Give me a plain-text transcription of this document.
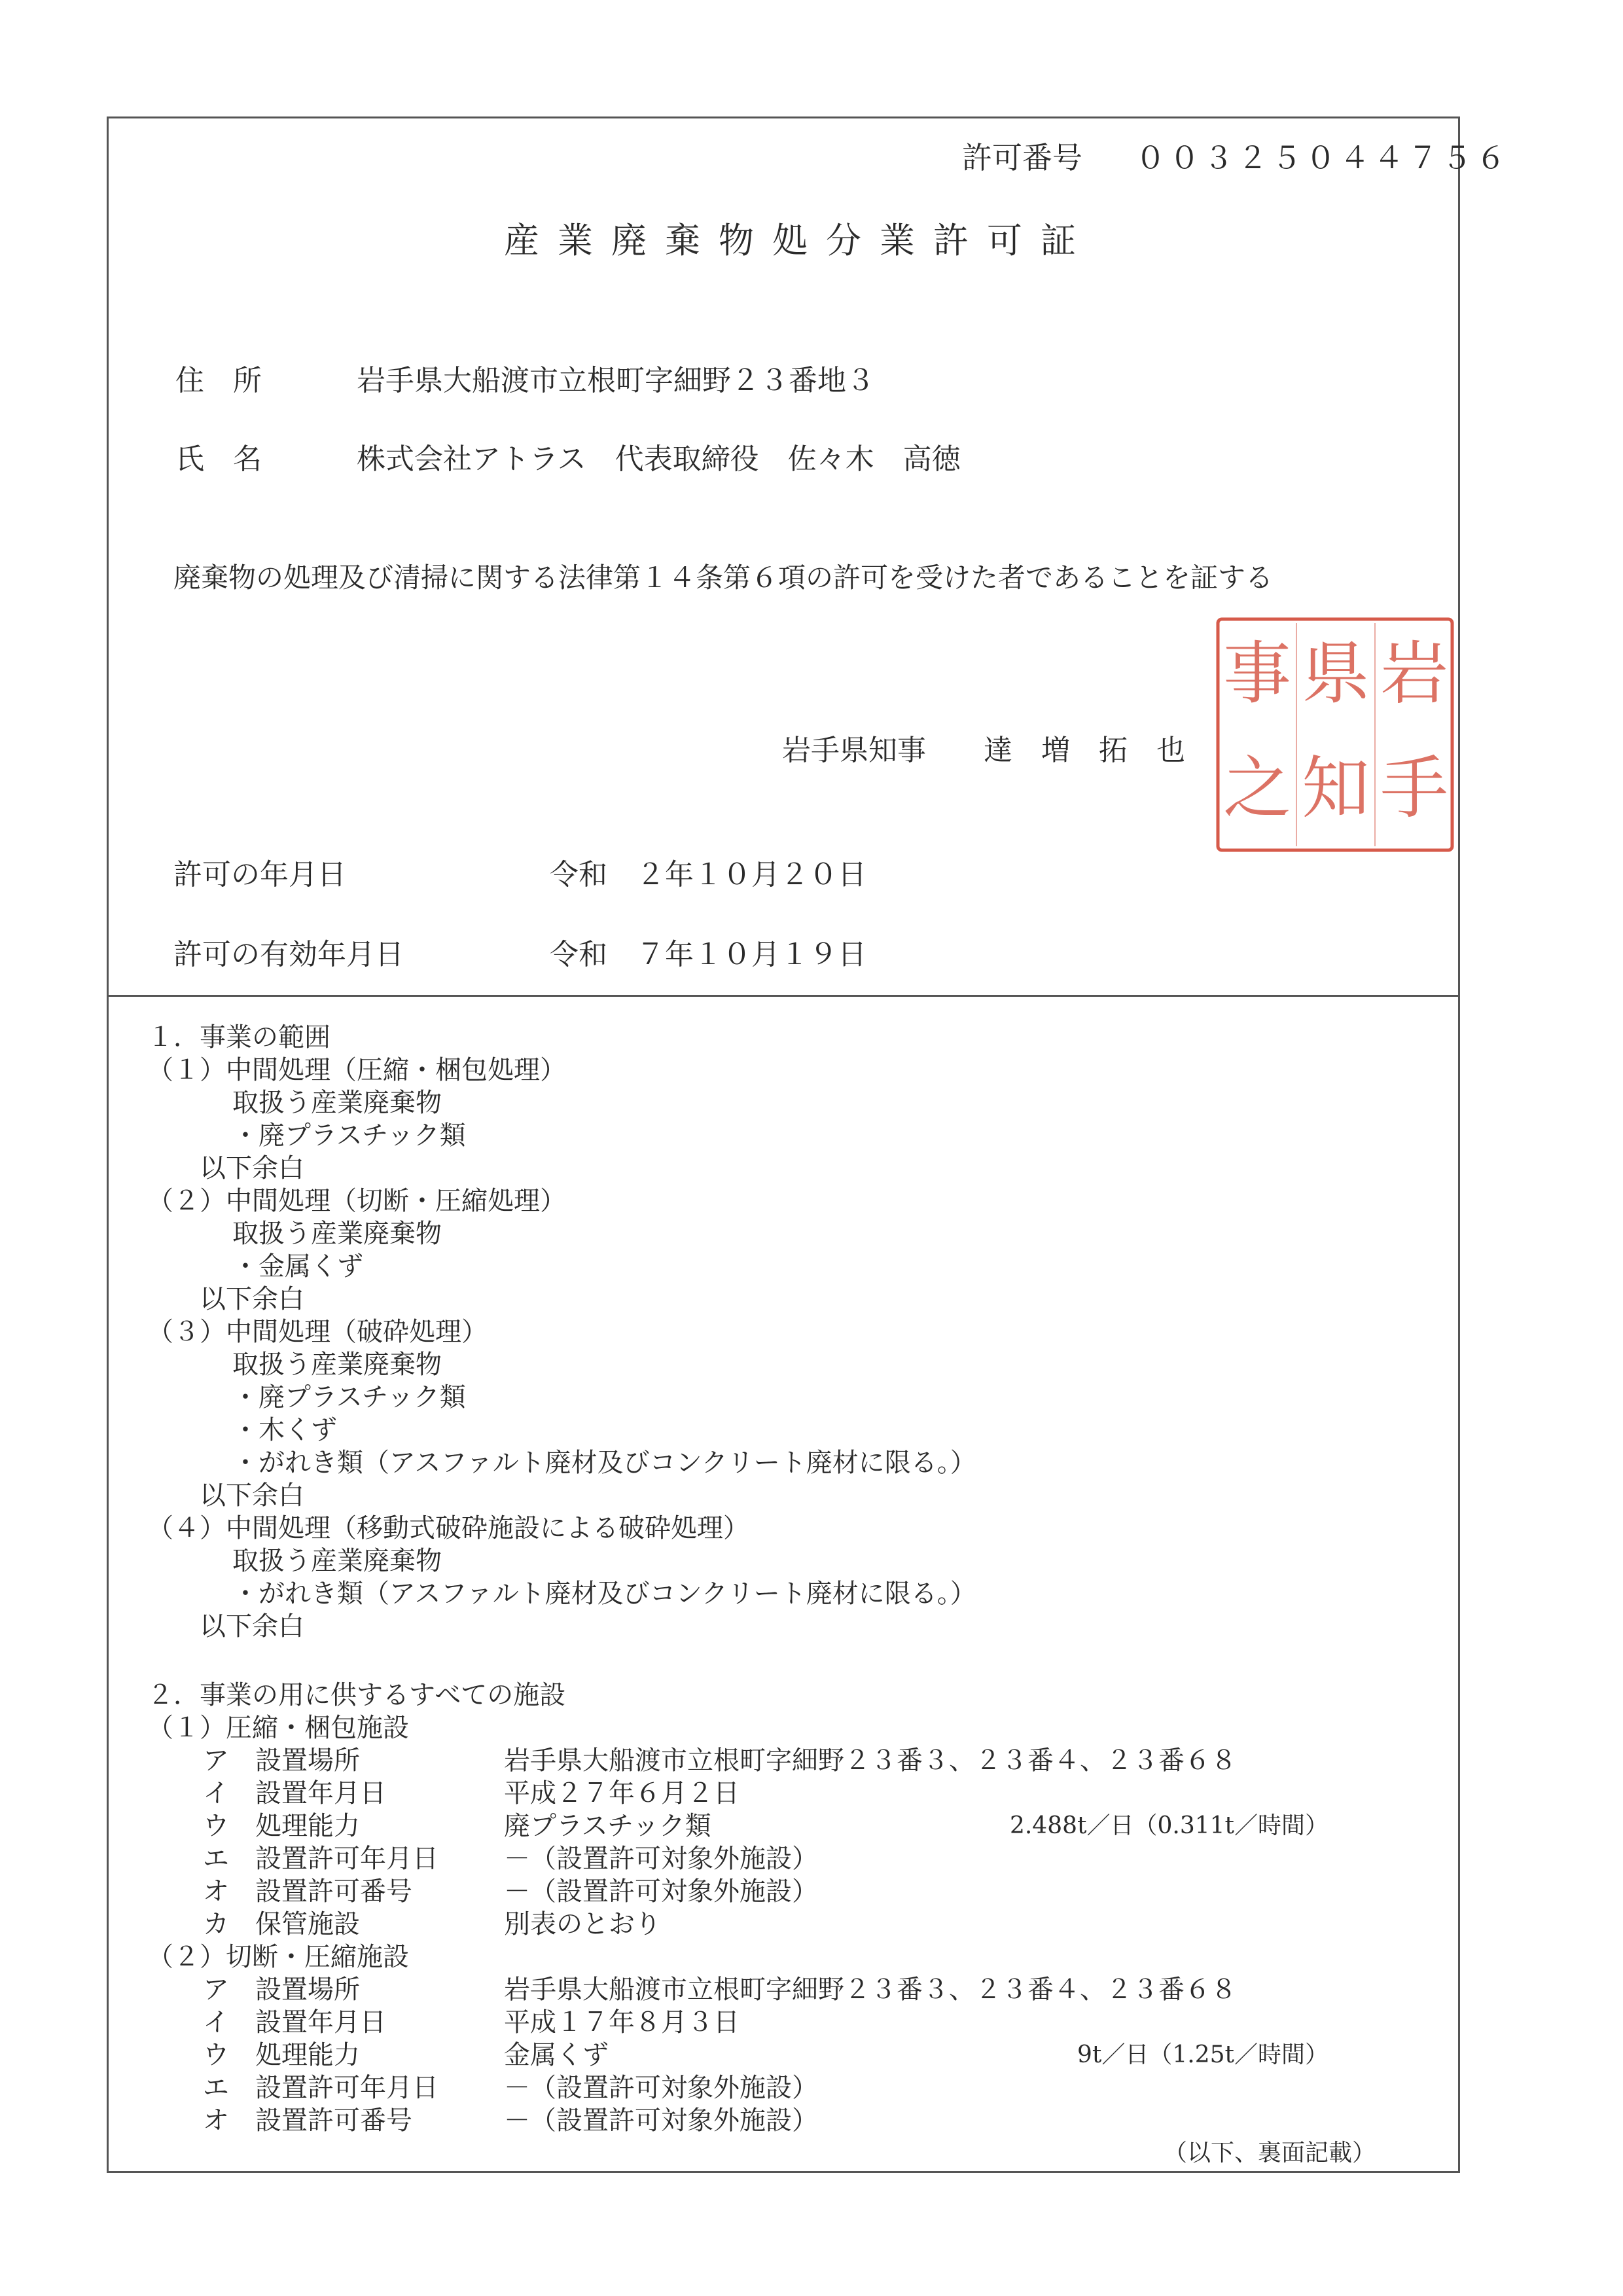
許可番号 ００３２５０４４７５６
産業廃棄物処分業許可証
住　所	岩手県大船渡市立根町字細野２３番地３
氏　名	株式会社アトラス　代表取締役　佐々木　高徳
廃棄物の処理及び清掃に関する法律第１４条第６項の許可を受けた者であることを証する
岩手県知事　　達　増　拓　也
岩
手
県
知
事
之
許可の年月日	令和　２年１０月２０日
許可の有効年月日	令和　７年１０月１９日
１．事業の範囲
（１）中間処理（圧縮・梱包処理）
取扱う産業廃棄物
・廃プラスチック類
以下余白
（２）中間処理（切断・圧縮処理）
取扱う産業廃棄物
・金属くず
以下余白
（３）中間処理（破砕処理）
取扱う産業廃棄物
・廃プラスチック類
・木くず
・がれき類（アスファルト廃材及びコンクリート廃材に限る。）
以下余白
（４）中間処理（移動式破砕施設による破砕処理）
取扱う産業廃棄物
・がれき類（アスファルト廃材及びコンクリート廃材に限る。）
以下余白
２．事業の用に供するすべての施設
（１）圧縮・梱包施設
ア　設置場所	岩手県大船渡市立根町字細野２３番３、２３番４、２３番６８
イ　設置年月日	平成２７年６月２日
ウ　処理能力	廃プラスチック類	2.488t／日（0.311t／時間）
エ　設置許可年月日	－（設置許可対象外施設）
オ　設置許可番号	－（設置許可対象外施設）
カ　保管施設	別表のとおり
（２）切断・圧縮施設
ア　設置場所	岩手県大船渡市立根町字細野２３番３、２３番４、２３番６８
イ　設置年月日	平成１７年８月３日
ウ　処理能力	金属くず	9t／日（1.25t／時間）
エ　設置許可年月日	－（設置許可対象外施設）
オ　設置許可番号	－（設置許可対象外施設）
（以下、裏面記載）
